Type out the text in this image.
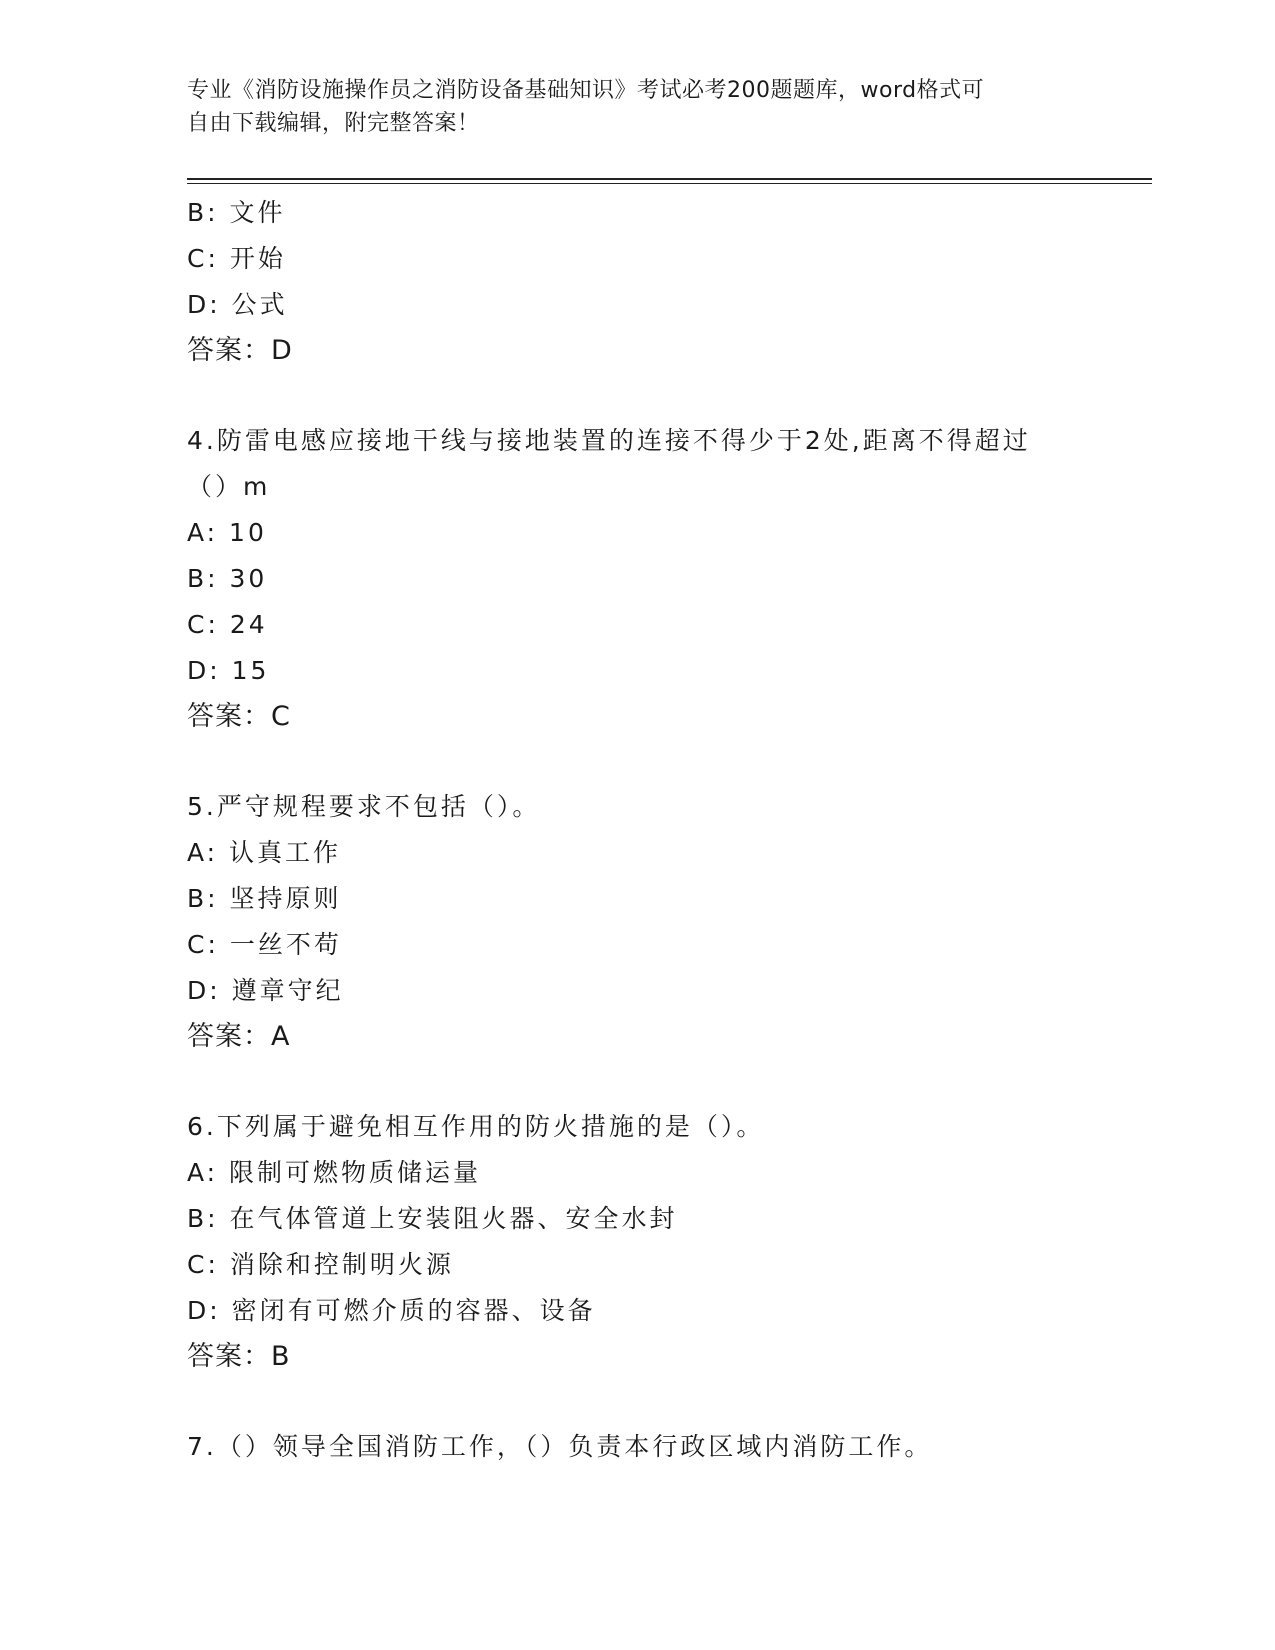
专业《消防设施操作员之消防设备基础知识》考试必考200题题库，word格式可
自由下载编辑，附完整答案！
B: 文件
C: 开始
D: 公式
答案：D
4.防雷电感应接地干线与接地装置的连接不得少于2处,距离不得超过
（）m
A: 10
B: 30
C: 24
D: 15
答案：C
5.严守规程要求不包括（）。
A: 认真工作
B: 坚持原则
C: 一丝不苟
D: 遵章守纪
答案：A
6.下列属于避免相互作用的防火措施的是（）。
A: 限制可燃物质储运量
B: 在气体管道上安装阻火器、安全水封
C: 消除和控制明火源
D: 密闭有可燃介质的容器、设备
答案：B
7.（）领导全国消防工作，（）负责本行政区域内消防工作。
